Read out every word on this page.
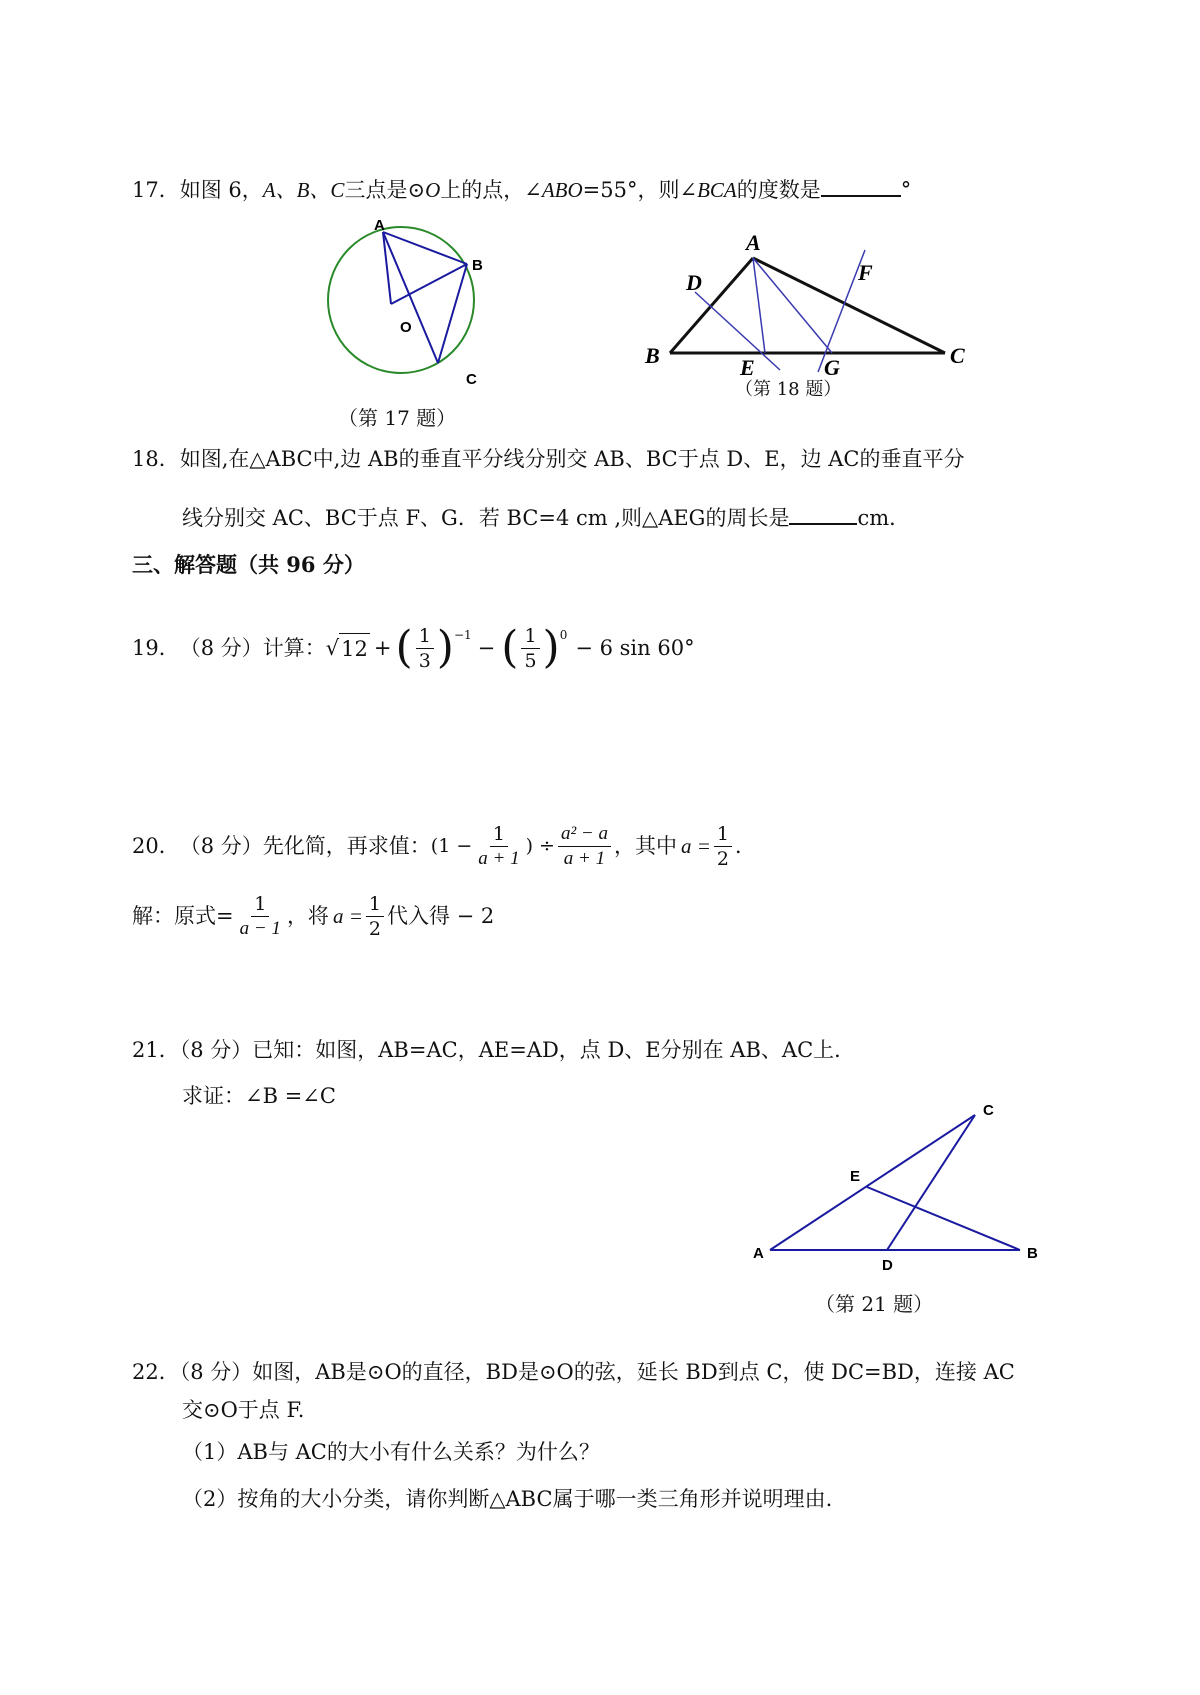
17．如图 6，A、B、C三点是⊙O上的点，∠ABO=55°，则∠BCA的度数是	°
A
B
O
C
（第 17 题）
A
B	C
D
E
F
G
（第 18 题）
18．如图,在△ABC中,边 AB的垂直平分线分别交 AB、BC于点 D、E，边 AC的垂直平分
线分别交 AC、BC于点 F、G．若 BC=4 cm ,则△AEG的周长是	cm．
三、解答题（共 96 分）
19． （8 分）计算： √ 12 + ( $\frac{1}{3} )^{-1}$
− ( $\frac{1}{5} )^0$
− 6 sin 60°
20． （8 分）先化简，再求值： ($1 - \frac{1}{a + 1}$ ) ÷ $\frac{\text{a² − a}}{a + 1}$ ，其中 $a = \frac{1}{2}$ ．
解：原式= $\frac{1}{a - 1}$ ，将 $a = \frac{1}{2}$ 代入得 − 2
21．（8 分）已知：如图，AB=AC，AE=AD，点 D、E分别在 AB、AC上．
求证：∠B =∠C
A	B
C
D
E
（第 21 题）
22．（8 分）如图，AB是⊙O的直径，BD是⊙O的弦，延长 BD到点 C，使 DC=BD，连接 AC
交⊙O于点 F.
（1）AB与 AC的大小有什么关系？为什么？
（2）按角的大小分类，请你判断△ABC属于哪一类三角形并说明理由.
